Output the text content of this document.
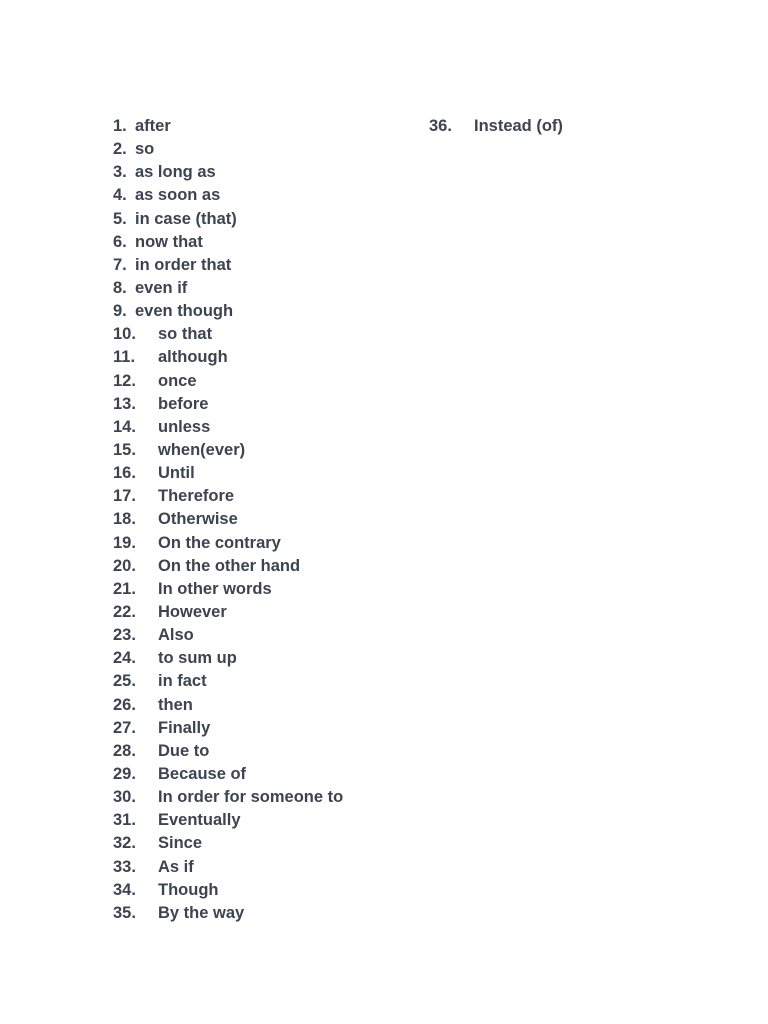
1. after
2. so
3. as long as
4. as soon as
5. in case (that)
6. now that
7. in order that
8. even if
9. even though
10. so that
11. although
12. once
13. before
14. unless
15. when(ever)
16. Until
17. Therefore
18. Otherwise
19. On the contrary
20. On the other hand
21. In other words
22. However
23. Also
24. to sum up
25. in fact
26. then
27. Finally
28. Due to
29. Because of
30. In order for someone to
31. Eventually
32. Since
33. As if
34. Though
35. By the way
36. Instead (of)
